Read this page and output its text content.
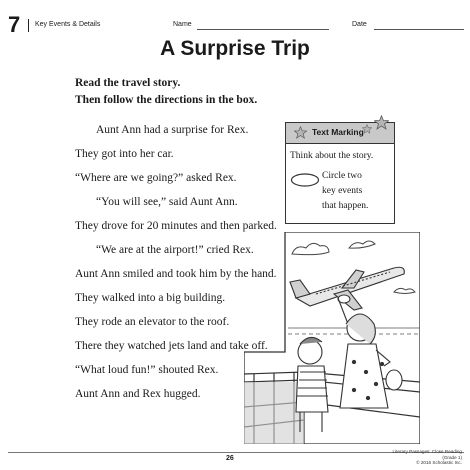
7 Key Events & Details	Name	Date
A Surprise Trip
Read the travel story.
Then follow the directions in the box.
Aunt Ann had a surprise for Rex.
They got into her car.
“Where are we going?” asked Rex.
“You will see,” said Aunt Ann.
They drove for 20 minutes and then parked.
“We are at the airport!” cried Rex.
Aunt Ann smiled and took him by the hand.
They walked into a big building.
They rode an elevator to the roof.
There they watched jets land and take off.
“What loud fun!” shouted Rex.
Aunt Ann and Rex hugged.
Text Marking
Think about the story.
Circle two
key events
that happen.
26
Literary Passages: Close Reading (Grade 1)
© 2016 Scholastic Inc.
